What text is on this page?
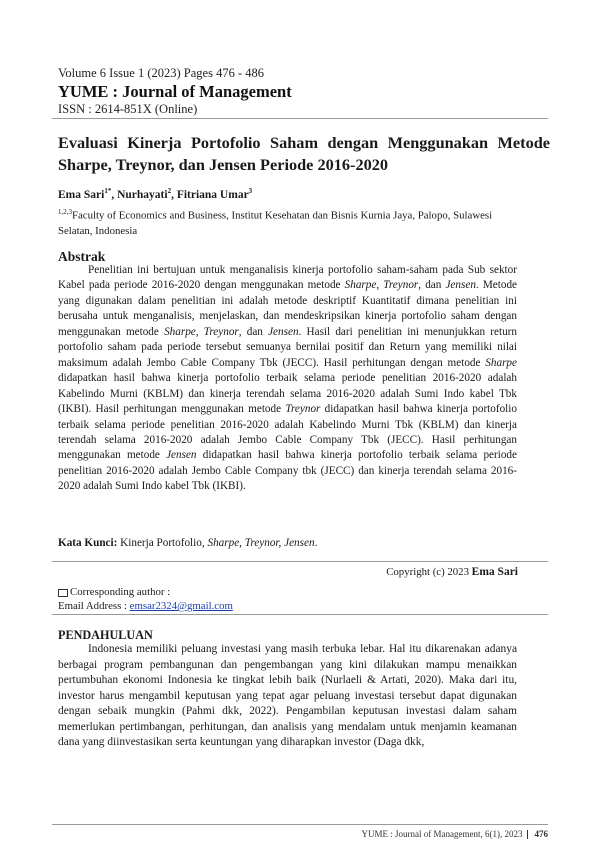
Volume 6 Issue 1 (2023) Pages 476 - 486
YUME : Journal of Management
ISSN : 2614-851X (Online)
Evaluasi Kinerja Portofolio Saham dengan Menggunakan Metode Sharpe, Treynor, dan Jensen Periode 2016-2020
Ema Sari$^{1*}$, Nurhayati$^2$, Fitriana Umar$^3$
$^{1,2,3}$Faculty of Economics and Business, Institut Kesehatan dan Bisnis Kurnia Jaya, Palopo, Sulawesi Selatan, Indonesia
Abstrak
Penelitian ini bertujuan untuk menganalisis kinerja portofolio saham-saham pada Sub sektor Kabel pada periode 2016-2020 dengan menggunakan metode Sharpe, Treynor, dan Jensen. Metode yang digunakan dalam penelitian ini adalah metode deskriptif Kuantitatif dimana penelitian ini berusaha untuk menganalisis, menjelaskan, dan mendeskripsikan kinerja portofolio saham dengan menggunakan metode Sharpe, Treynor, dan Jensen. Hasil dari penelitian ini menunjukkan return portofolio saham pada periode tersebut semuanya bernilai positif dan Return yang memiliki nilai maksimum adalah Jembo Cable Company Tbk (JECC). Hasil perhitungan dengan metode Sharpe didapatkan hasil bahwa kinerja portofolio terbaik selama periode penelitian 2016-2020 adalah Kabelindo Murni (KBLM) dan kinerja terendah selama 2016-2020 adalah Sumi Indo kabel Tbk (IKBI). Hasil perhitungan menggunakan metode Treynor didapatkan hasil bahwa kinerja portofolio terbaik selama periode penelitian 2016-2020 adalah Kabelindo Murni Tbk (KBLM) dan kinerja terendah selama 2016-2020 adalah Jembo Cable Company Tbk (JECC). Hasil perhitungan menggunakan metode Jensen didapatkan hasil bahwa kinerja portofolio terbaik selama periode penelitian 2016-2020 adalah Jembo Cable Company tbk (JECC) dan kinerja terendah selama 2016-2020 adalah Sumi Indo kabel Tbk (IKBI).
Kata Kunci: Kinerja Portofolio, Sharpe, Treynor, Jensen.
Copyright (c) 2023 Ema Sari
Corresponding author :
Email Address : emsar2324@gmail.com
PENDAHULUAN
Indonesia memiliki peluang investasi yang masih terbuka lebar. Hal itu dikarenakan adanya berbagai program pembangunan dan pengembangan yang kini dilakukan mampu menaikkan pertumbuhan ekonomi Indonesia ke tingkat lebih baik (Nurlaeli & Artati, 2020). Maka dari itu, investor harus mengambil keputusan yang tepat agar peluang investasi tersebut dapat digunakan dengan sebaik mungkin (Pahmi dkk, 2022). Pengambilan keputusan investasi dalam saham memerlukan pertimbangan, perhitungan, dan analisis yang mendalam untuk menjamin keamanan dana yang diinvestasikan serta keuntungan yang diharapkan investor (Daga dkk,
YUME : Journal of Management, 6(1), 2023 476
